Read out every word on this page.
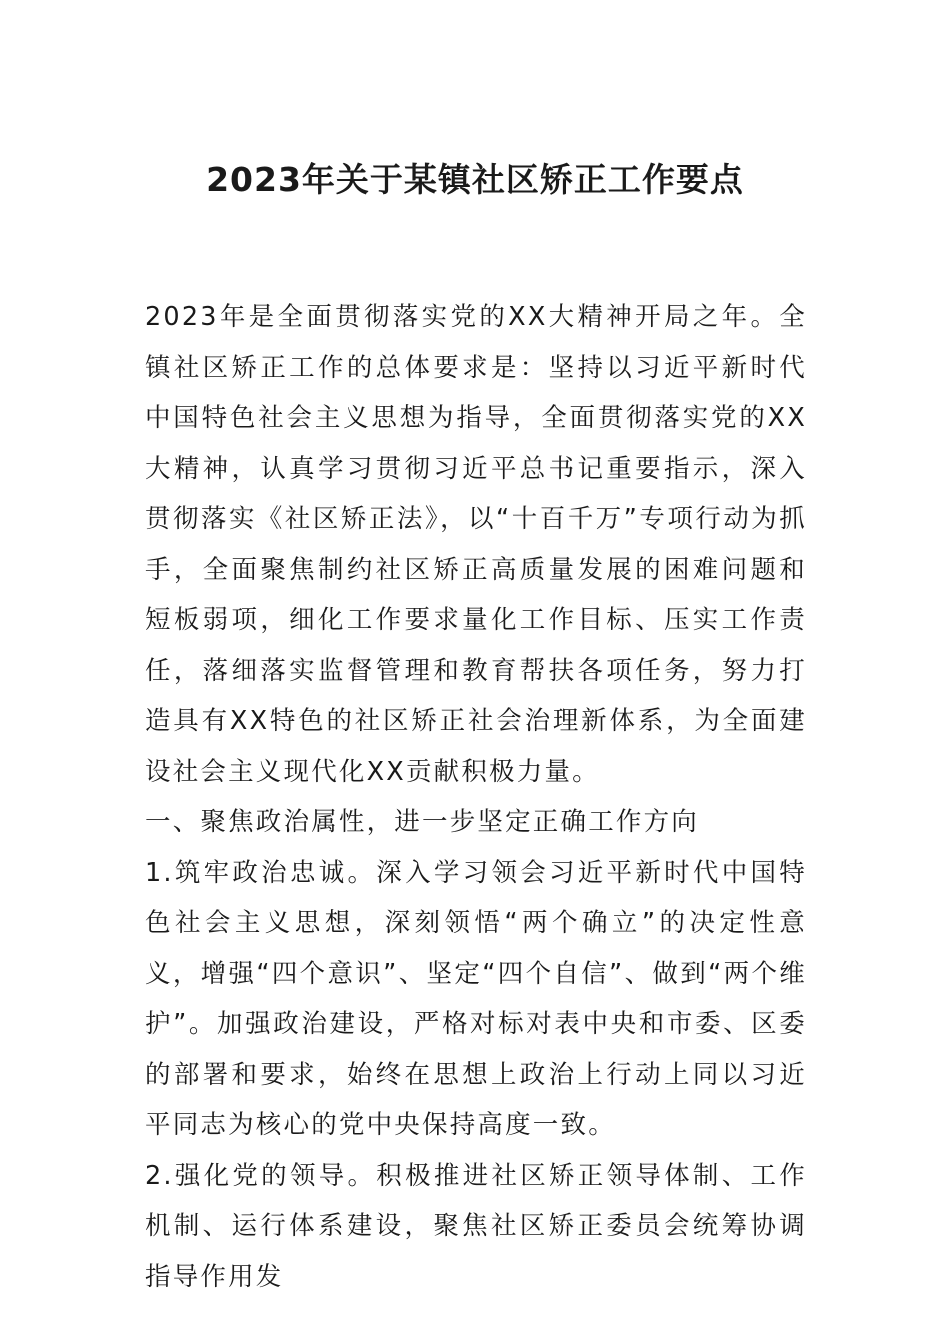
2023年关于某镇社区矫正工作要点

2023年是全面贯彻落实党的XX大精神开局之年。全镇社区矫正工作的总体要求是：坚持以习近平新时代中国特色社会主义思想为指导，全面贯彻落实党的XX大精神，认真学习贯彻习近平总书记重要指示，深入贯彻落实《社区矫正法》，以“十百千万”专项行动为抓手，全面聚焦制约社区矫正高质量发展的困难问题和短板弱项，细化工作要求量化工作目标、压实工作责任，落细落实监督管理和教育帮扶各项任务，努力打造具有XX特色的社区矫正社会治理新体系，为全面建设社会主义现代化XX贡献积极力量。

一、聚焦政治属性，进一步坚定正确工作方向

1.筑牢政治忠诚。深入学习领会习近平新时代中国特色社会主义思想，深刻领悟“两个确立”的决定性意义，增强“四个意识”、坚定“四个自信”、做到“两个维护”。加强政治建设，严格对标对表中央和市委、区委的部署和要求，始终在思想上政治上行动上同以习近平同志为核心的党中央保持高度一致。

2.强化党的领导。积极推进社区矫正领导体制、工作机制、运行体系建设，聚焦社区矫正委员会统筹协调指导作用发
